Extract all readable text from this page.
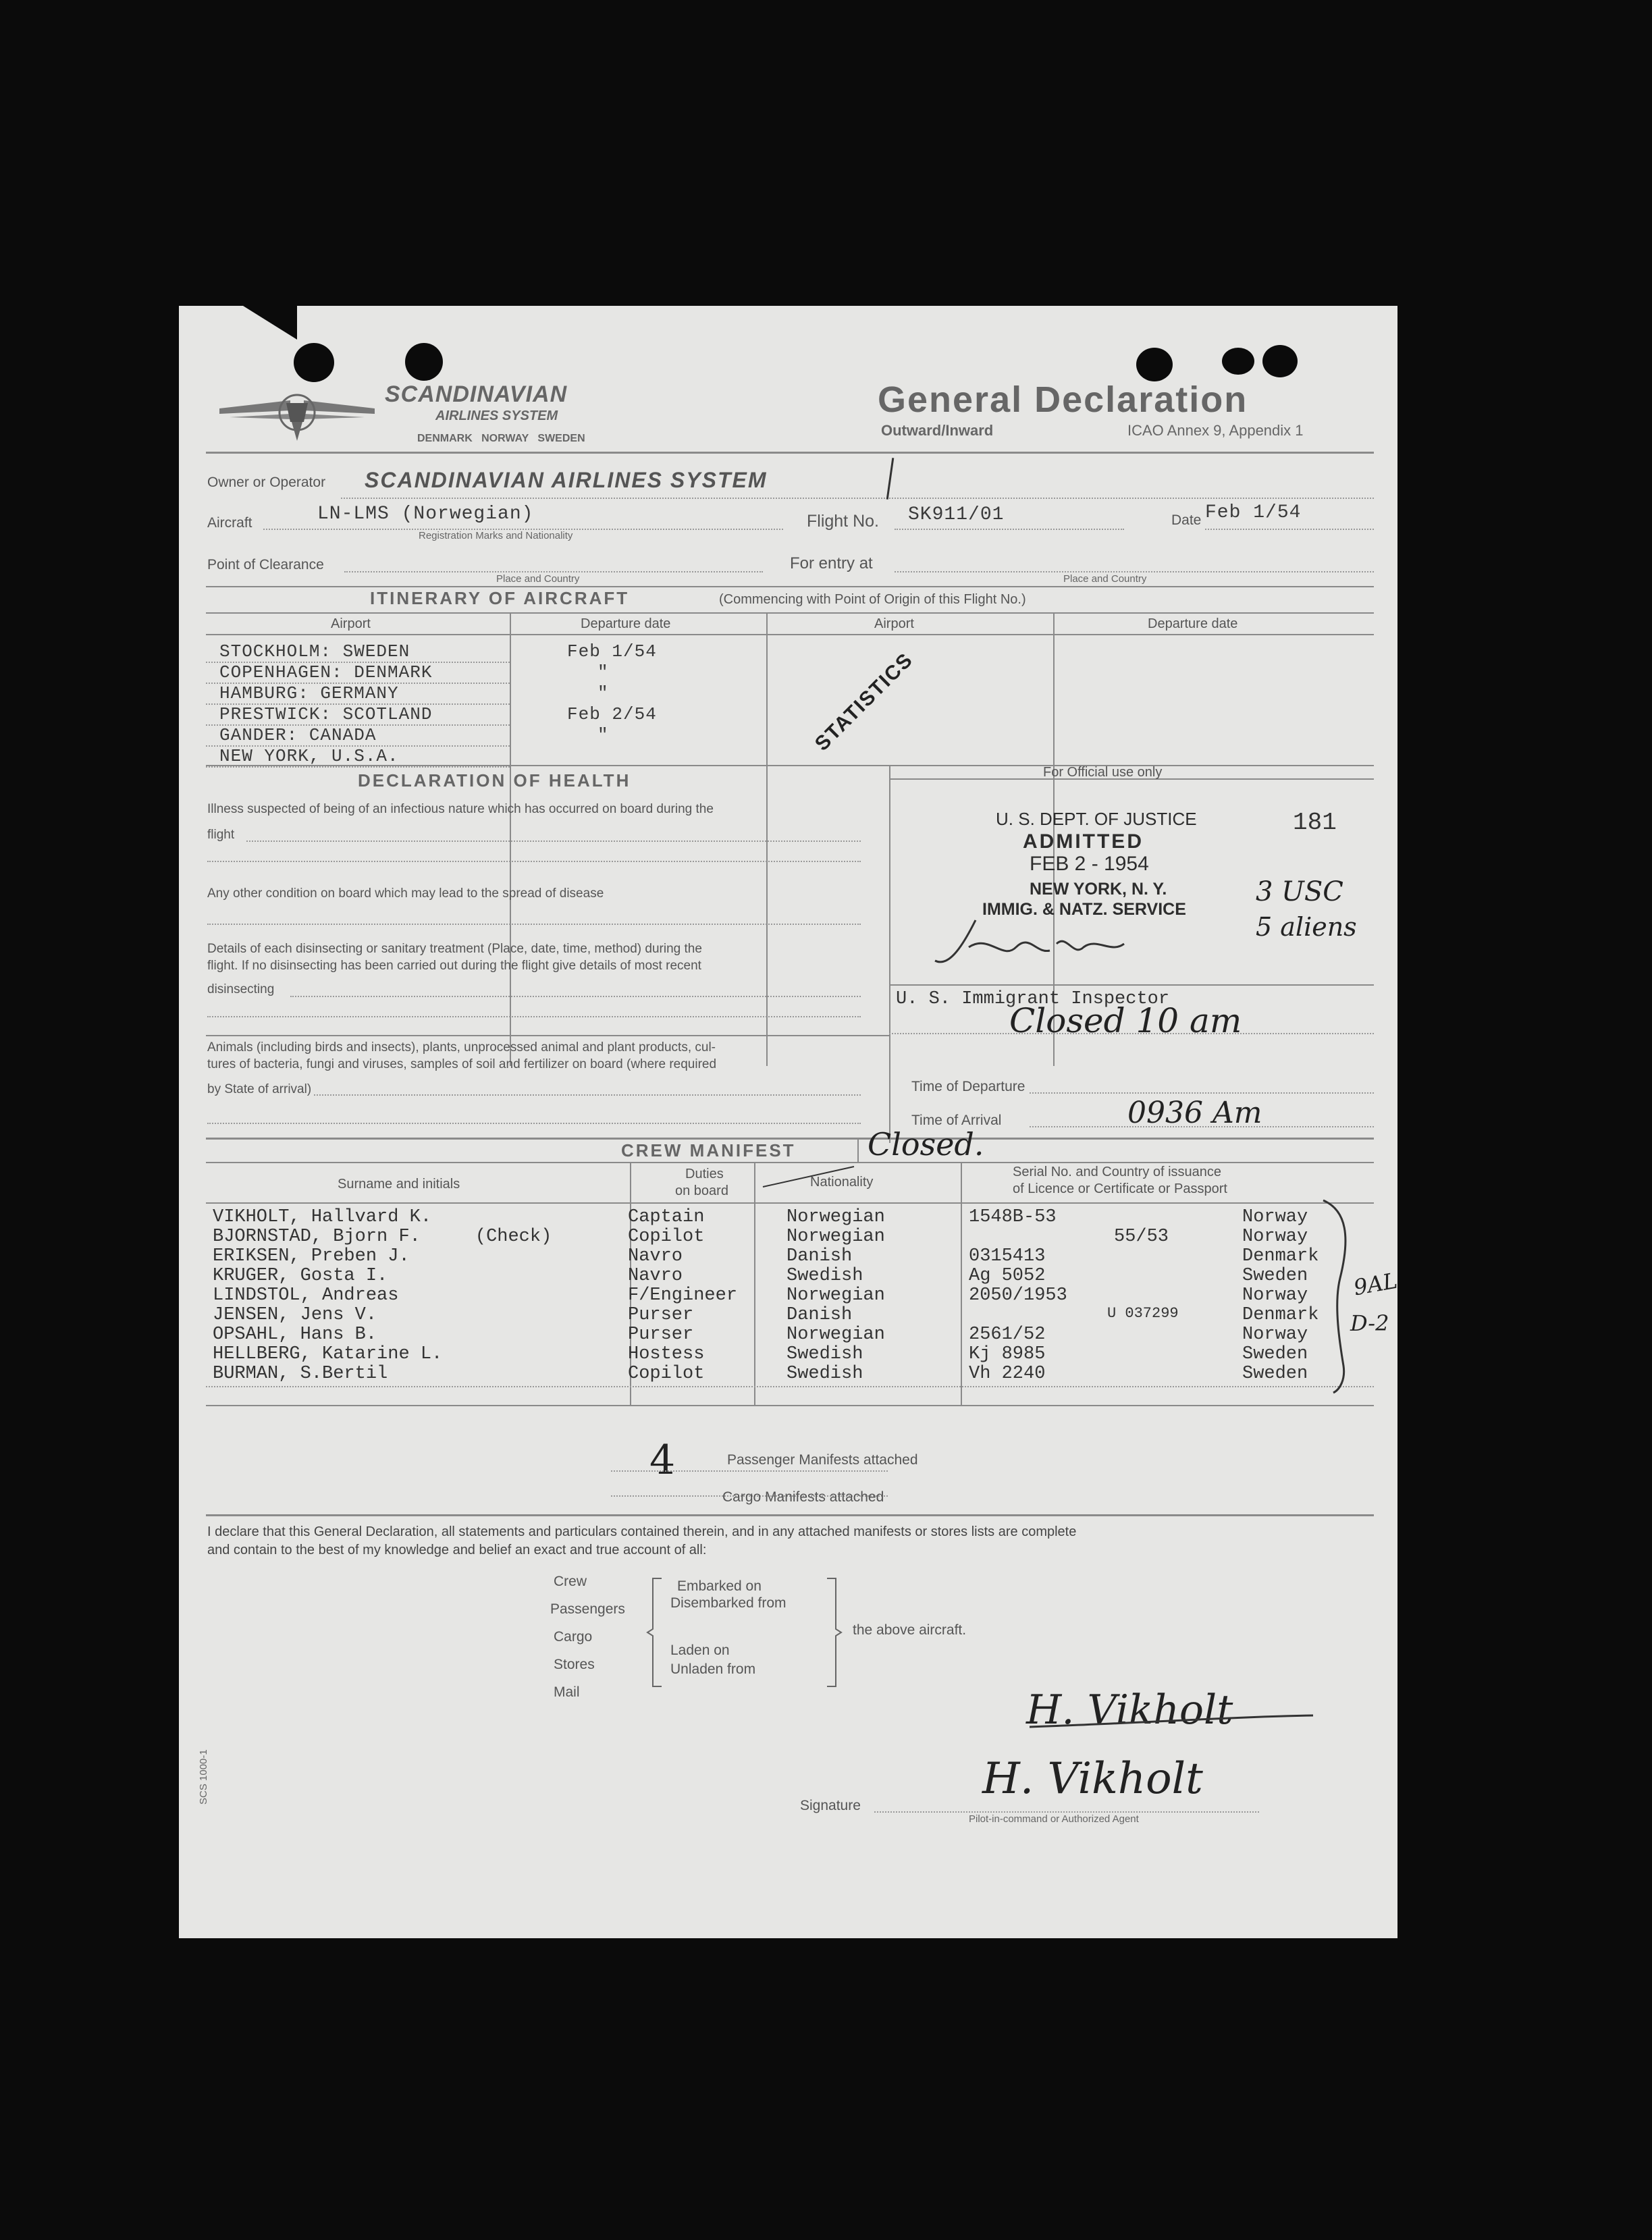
SCANDINAVIAN
AIRLINES SYSTEM
DENMARK   NORWAY   SWEDEN
General Declaration
Outward/Inward	ICAO Annex 9, Appendix 1
Owner or Operator SCANDINAVIAN AIRLINES SYSTEM
Aircraft	LN-LMS (Norwegian)
Registration Marks and Nationality
Flight No. SK911/01	Date Feb 1/54
Point of Clearance
Place and Country
For entry at
Place and Country
ITINERARY OF AIRCRAFT	(Commencing with Point of Origin of this Flight No.)
Airport	Departure date	Airport	Departure date
STOCKHOLM: SWEDEN	Feb 1/54
COPENHAGEN: DENMARK	"
HAMBURG: GERMANY	"
PRESTWICK: SCOTLAND	Feb 2/54
GANDER: CANADA	"
NEW YORK, U.S.A.
STATISTICS
DECLARATION OF HEALTH
Illness suspected of being of an infectious nature which has occurred on board during the
flight
Any other condition on board which may lead to the spread of disease
Details of each disinsecting or sanitary treatment (Place, date, time, method) during the
flight. If no disinsecting has been carried out during the flight give details of most recent
disinsecting
Animals (including birds and insects), plants, unprocessed animal and plant products, cul-
tures of bacteria, fungi and viruses, samples of soil and fertilizer on board (where required
by State of arrival)
For Official use only
U. S. DEPT. OF JUSTICE
ADMITTED
FEB 2 - 1954
NEW YORK, N. Y.
IMMIG. & NATZ. SERVICE
181
3 USC
5 aliens
U. S. Immigrant Inspector
Closed 10 am
Time of Departure
Time of Arrival	0936 Am
CREW MANIFEST Closed.
Surname and initials
Duties
on board
Nationality
Serial No. and Country of issuance
of Licence or Certificate or Passport
VIKHOLT, Hallvard K.	Captain	Norwegian	1548B-53	Norway
BJORNSTAD, Bjorn F.     (Check)	Copilot	Norwegian	55/53	Norway
ERIKSEN, Preben J.	Navro	Danish	0315413	Denmark
KRUGER, Gosta I.	Navro	Swedish	Ag 5052	Sweden
LINDSTOL, Andreas	F/Engineer	Norwegian	2050/1953	Norway
JENSEN, Jens V.	Purser	Danish	U 037299	Denmark
OPSAHL, Hans B.	Purser	Norwegian	2561/52	Norway
HELLBERG, Katarine L.	Hostess	Swedish	Kj 8985	Sweden
BURMAN, S.Bertil	Copilot	Swedish	Vh 2240	Sweden
9AL
D-2
4	Passenger Manifests attached
Cargo Manifests attached
I declare that this General Declaration, all statements and particulars contained therein, and in any attached manifests or stores lists are complete
and contain to the best of my knowledge and belief an exact and true account of all:
Crew
Passengers
Cargo
Stores
Mail
Embarked on
Disembarked from
Laden on
Unladen from
the above aircraft.
H. Vikholt
H. Vikholt
Signature
Pilot-in-command or Authorized Agent
SCS 1000-1
